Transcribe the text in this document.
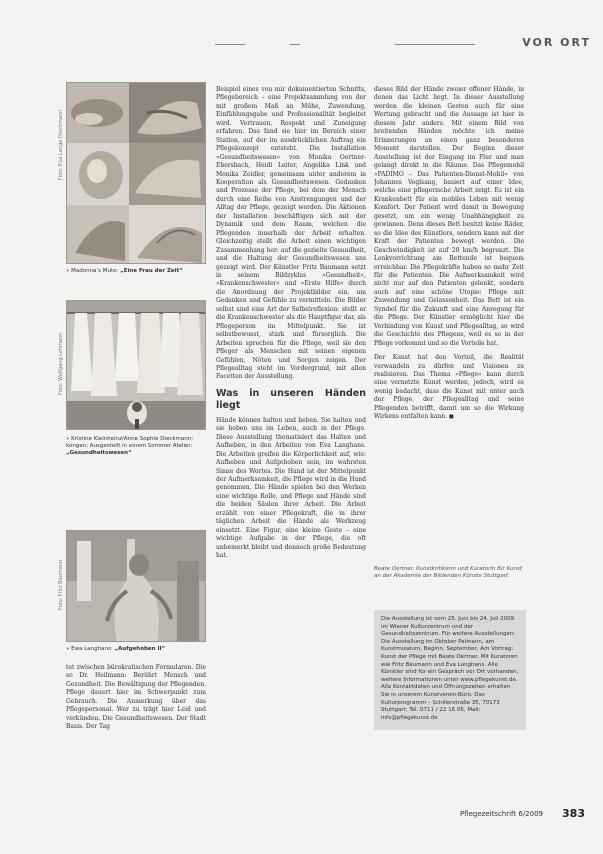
VOR ORT
Foto: Eva Lange-Dieckmann
» Madonna’s Mute: „Eine Frau der Zeit“
Foto: Wolfgang Lehmann
» Kristine Kleinheinz/Anne Sophie Dieckmann; kongen; Ausgestellt in einem Sommer Atelier: „Gesundheitswesen“
Foto: Fritz Baumann
» Ewa Langhans: „Aufgehoben II“

tet zwischen bürokratischen Formularen. Die so Dr. Heilmann: Berührt Mensch und Gesundheit. Die Bewältigung der Pflegenden. Pflege dauert hier im Schwerpunkt zum Gebrauch. Die Anmerkung über das Pflegepersonal. Wer zu trägt hier Leid und verkünden. Die Gesundheitswesen. Der Stadt Basis. Der Tag

Beispiel eines von mir dokumentierten Schnitts, Pflegebereich – eine Projektsammlung von der mit großem Maß an Mühe, Zuwendung, Einfühlungsgabe und Professionalität begleitet wird. Vertrauen, Respekt und Zuneigung erfahren. Das fand sie hier im Bereich einer Station, auf der im ausdrücklichen Auftrag ein Pflegekonzept entsteht. Die Installation »Gesundheitswesen« von Monika Oertner-Ebersbach, Heidi Leiter, Angelika Link und Monika Zeidler, gemeinsam unter anderem in Kooperation als Gesundheitswesen. Gedanken und Prozesse der Pflege, bei dem der Mensch durch eine Reihe von Anstrengungen und der Alltag der Pflege, gezeigt werden. Die Aktionen der Installation beschäftigen sich mit der Dynamik und dem Raum, welchen die Pflegenden innerhalb der Arbeit erhalten. Gleichzeitig stellt die Arbeit einen wichtigen Zusammenhang her: auf die gezielte Gesundheit, und die Haltung der Gesundheitswesen uns gezeigt wird. Der Künstler Fritz Baumann setzt in seinem Bildzyklus »Gesundheit«, »Krankenschwester« und »Erste Hilfe« durch die Anordnung der Projektbilder ein, um Gedanken und Gefühle zu vermitteln. Die Bilder selbst sind eine Art der Selbstreflexion: stellt er die Krankenschwester als die Hauptfigur dar, als Pflegeperson im Mittelpunkt. Sie ist selbstbewusst, stark und fürsorglich. Die Arbeiten sprechen für die Pflege, weil sie den Pfleger als Menschen mit seinen eigenen Gefühlen, Nöten und Sorgen zeigen. Der Pflegealltag steht im Vordergrund, mit allen Facetten der Ausstellung.

Was in unseren Händen liegt

Hände können halten und heben. Sie halten und sie heben uns im Leben, auch in der Pflege. Diese Ausstellung thematisiert das Halten und Aufheben, in den Arbeiten von Eva Langhans. Die Arbeiten greifen die Körperlichkeit auf, wie: Aufheben und Aufgehoben sein, im wahrsten Sinne des Wortes. Die Hand ist der Mittelpunkt der Aufmerksamkeit, die Pflege wird in die Hand genommen. Die Hände spielen bei den Werken eine wichtige Rolle, und Pflege und Hände sind die beiden Säulen ihrer Arbeit. Die Arbeit erzählt von einer Pflegekraft, die in ihrer täglichen Arbeit die Hände als Werkzeug einsetzt. Eine Figur, eine kleine Geste – eine wichtige Aufgabe in der Pflege, die oft unbemerkt bleibt und dennoch große Bedeutung hat.

dieses Bild der Hände zweier offener Hände, in denen das Licht liegt. In dieser Ausstellung werden die kleinen Gesten auch für eine Wertung gebracht und die Aussage ist hier in diesem Jahr anders. Mit einem Bild von breitenden Händen möchte ich meine Erinnerungen an einen ganz besonderen Moment darstellen. Der Beginn dieser Ausstellung ist der Eingang im Flur und man gelangt direkt in die Räume. Das Pflegemobil »PADIMO – Das Patienten-Dienst-Mobil« von Johannes Voglsang, basiert auf einer Idee, welche eine pflegerische Arbeit zeigt. Es ist ein Krankenbett für ein mobiles Leben mit wenig Komfort. Der Patient wird damit in Bewegung gesetzt, um ein wenig Unabhängigkeit zu gewinnen. Denn dieses Bett besitzt keine Räder, so die Idee des Künstlers, sondern kann mit der Kraft der Patienten bewegt werden. Die Geschwindigkeit ist auf 20 km/h begrenzt. Die Lenkvorrichtung am Bettende ist bequem erreichbar. Die Pflegekräfte haben so mehr Zeit für die Patienten. Die Aufmerksamkeit wird nicht nur auf den Patienten gelenkt, sondern auch auf eine schöne Utopie: Pflege mit Zuwendung und Gelassenheit. Das Bett ist ein Symbol für die Zukunft und eine Anregung für die Pflege. Der Künstler ermöglicht hier die Verbindung von Kunst und Pflegealltag, so wird die Geschichte des Pflegens, weil es so in der Pflege vorkommt und so die Vorteile hat.

Der Kunst hat den Vorteil, die Realität verwandeln zu dürfen und Visionen zu realisieren. Das Thema »Pflege« kann durch eine vernetzte Kunst werden, jedoch, wird es wenig bedacht, dass die Kunst mit unter auch der Pflege, der Pflegealltag und seine Pflegenden betrifft, damit um so die Wirkung Wirkens entfalten kann. ◼

Beate Oertner, Kunstkritikerin und Kuratorin für Kunst an der Akademie der Bildenden Künste Stuttgart
Die Ausstellung ist vom 25. Juni bis 24. Juli 2009 im Wiener Kulturzentrum und der Gesundheitszentrum. Für weitere Ausstellungen: Die Ausstellung im Oktober Palmann, am Kunstmuseum, Beginn. September, Am Vortrag: Kunst der Pflege mit Beate Oertner. Mit Kuratoren wie Fritz Baumann und Eva Langhans. Alle Künstler sind für ein Gespräch vor Ort vorhanden, weitere Informationen unter www.pflegekunst.de. Alle Kontaktdaten und Öffnungszeiten erhalten Sie in unserem Kunstverein-Büro. Das Kulturprogramm – Schillerstraße 35, 70173 Stuttgart, Tel. 0711 / 22 16 05, Mail: info@pflegekunst.de
Pflegezeitschrift 6/2009 383
